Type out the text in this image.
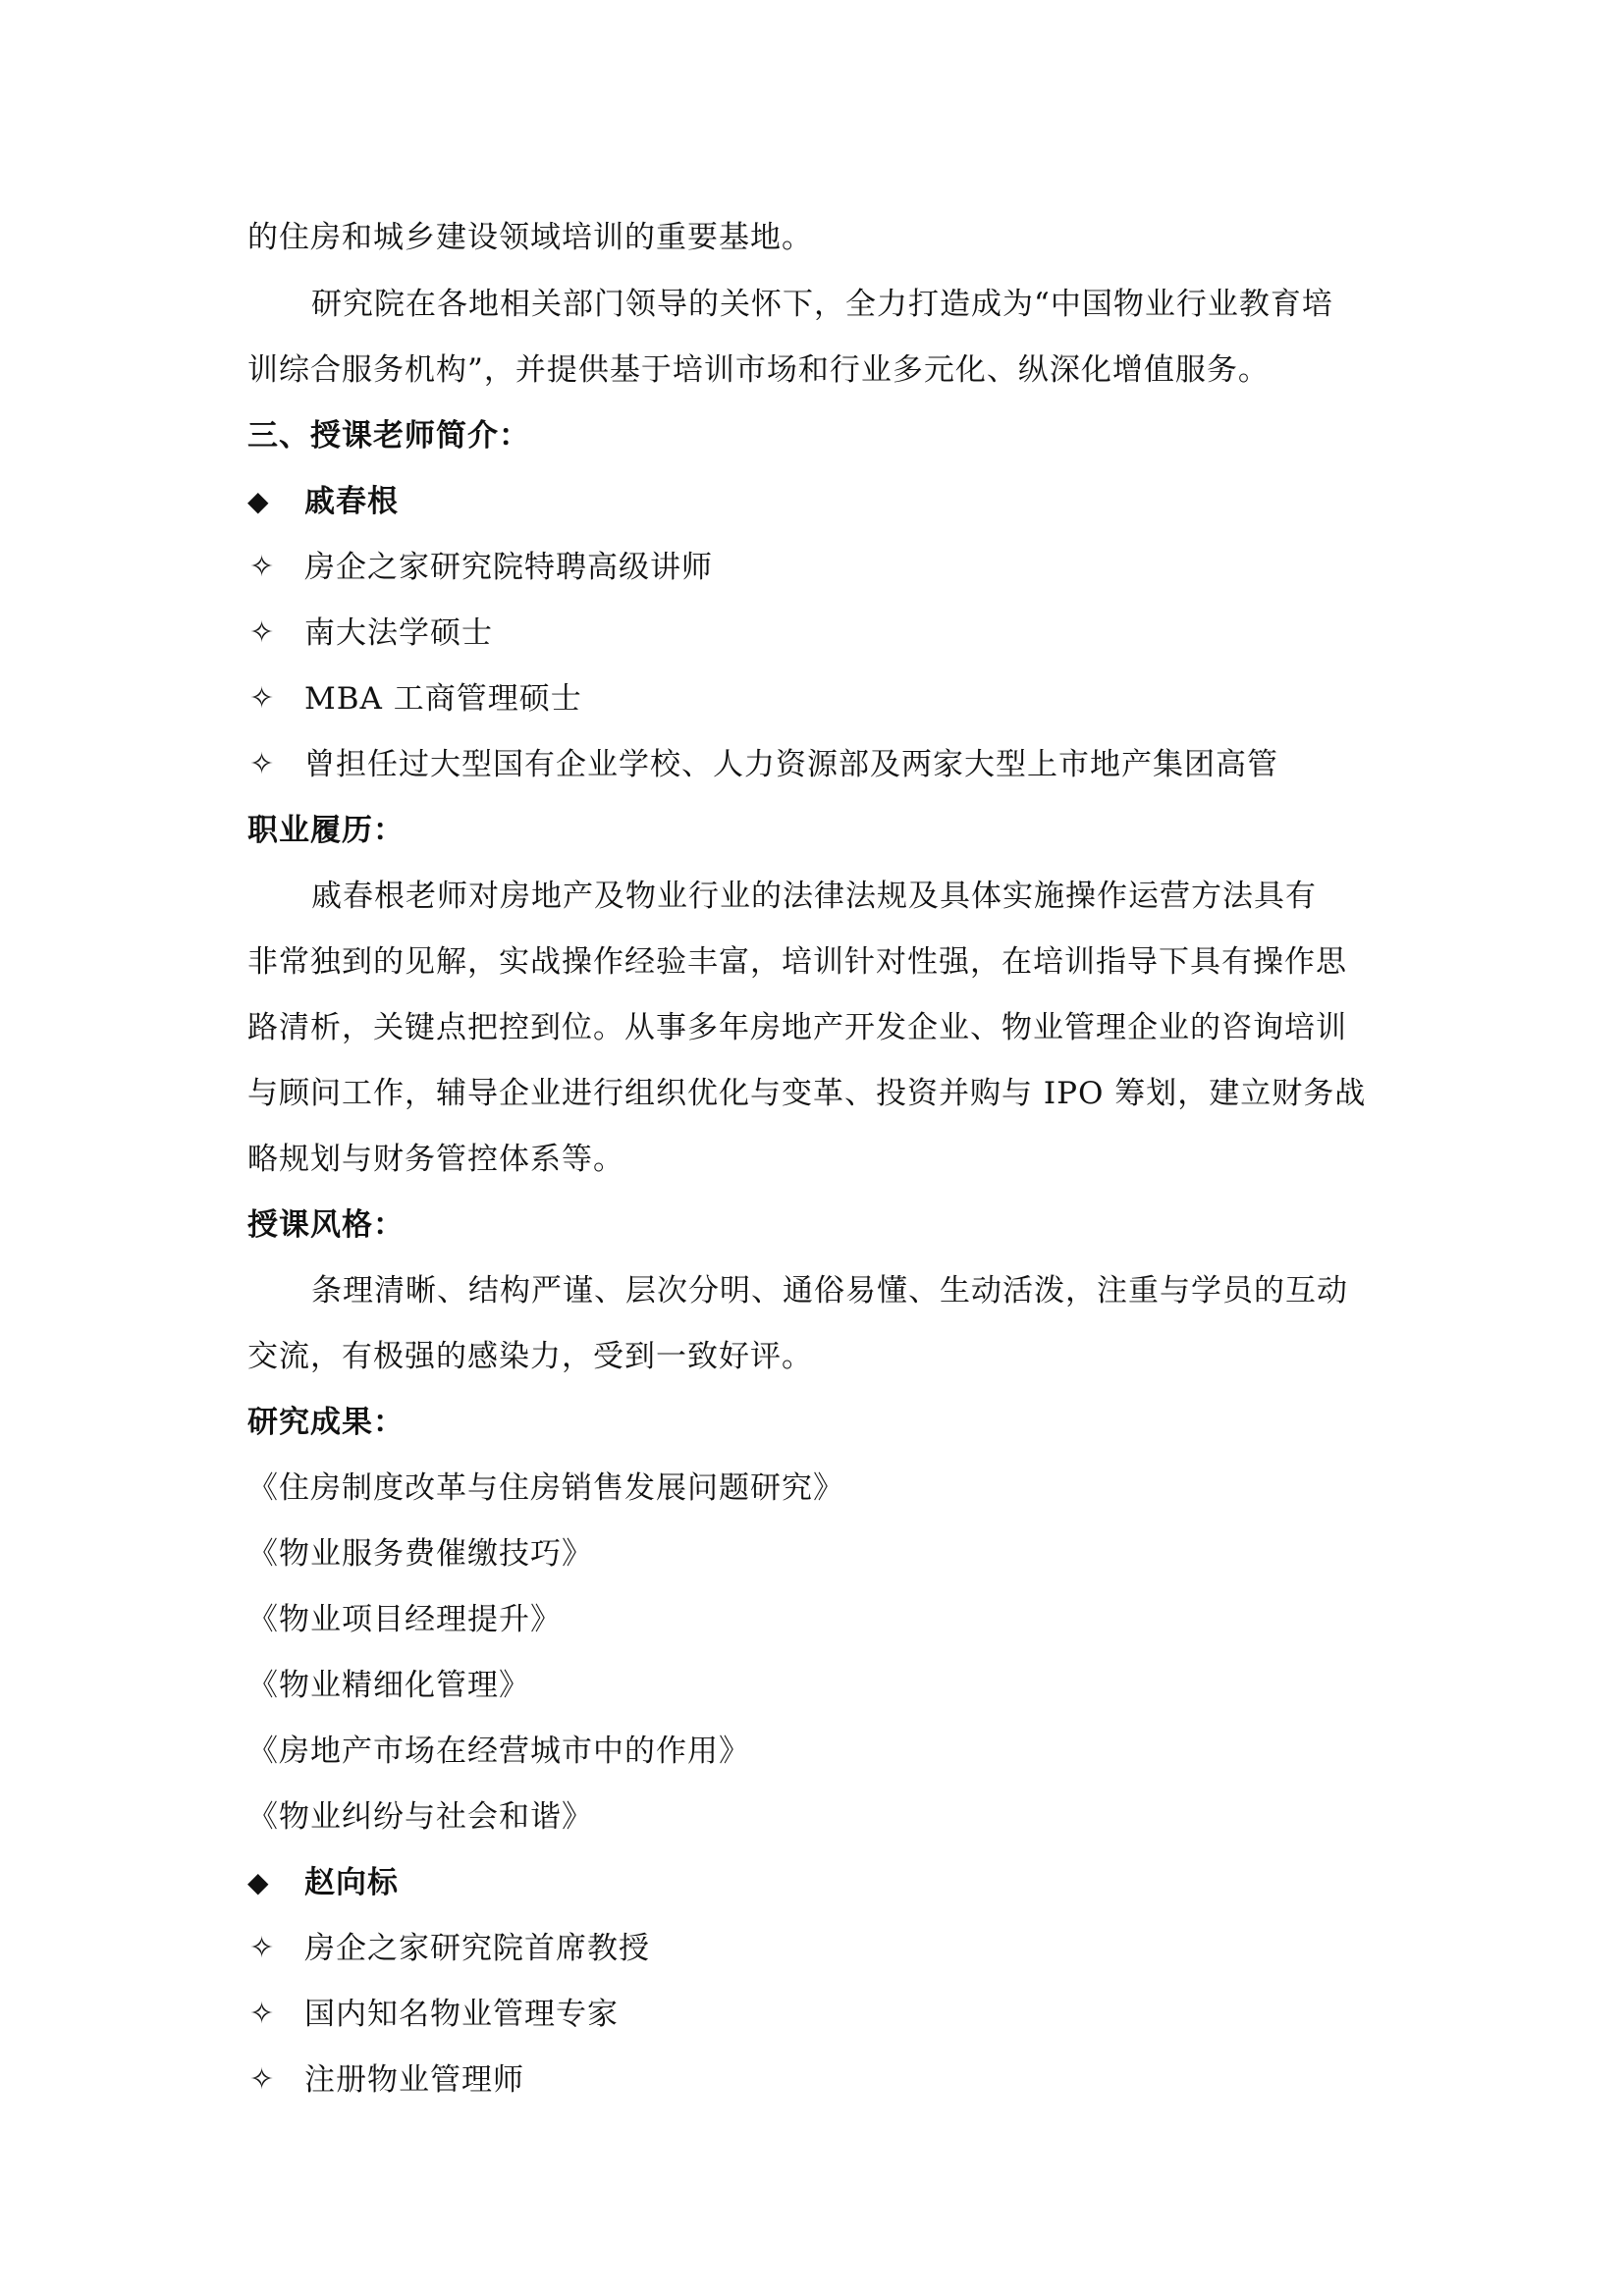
的住房和城乡建设领域培训的重要基地。
研究院在各地相关部门领导的关怀下，全力打造成为“中国物业行业教育培
训综合服务机构”，并提供基于培训市场和行业多元化、纵深化增值服务。
三、授课老师简介：
◆ 戚春根
✧ 房企之家研究院特聘高级讲师
✧ 南大法学硕士
✧ MBA 工商管理硕士
✧ 曾担任过大型国有企业学校、人力资源部及两家大型上市地产集团高管
职业履历：
戚春根老师对房地产及物业行业的法律法规及具体实施操作运营方法具有
非常独到的见解，实战操作经验丰富，培训针对性强，在培训指导下具有操作思
路清析，关键点把控到位。从事多年房地产开发企业、物业管理企业的咨询培训
与顾问工作，辅导企业进行组织优化与变革、投资并购与 IPO 筹划，建立财务战
略规划与财务管控体系等。
授课风格：
条理清晰、结构严谨、层次分明、通俗易懂、生动活泼，注重与学员的互动
交流，有极强的感染力，受到一致好评。
研究成果：
《住房制度改革与住房销售发展问题研究》
《物业服务费催缴技巧》
《物业项目经理提升》
《物业精细化管理》
《房地产市场在经营城市中的作用》
《物业纠纷与社会和谐》
◆ 赵向标
✧ 房企之家研究院首席教授
✧ 国内知名物业管理专家
✧ 注册物业管理师
